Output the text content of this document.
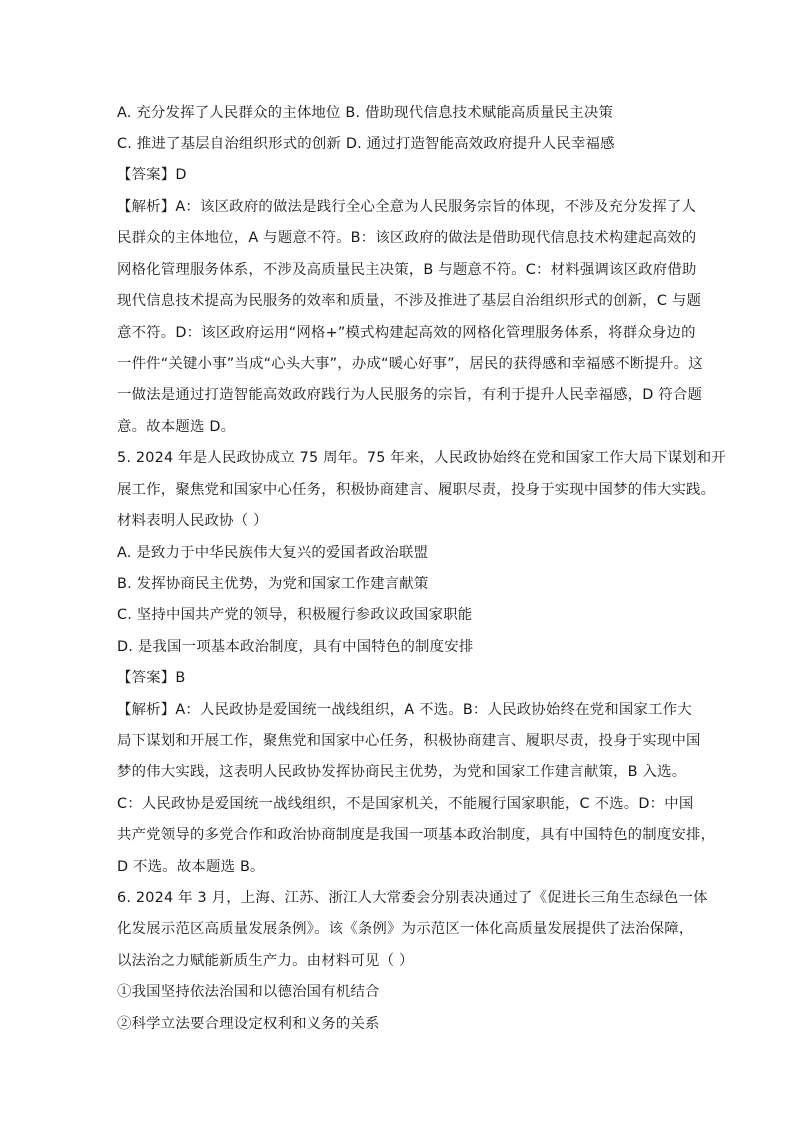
A. 充分发挥了人民群众的主体地位 B. 借助现代信息技术赋能高质量民主决策
C. 推进了基层自治组织形式的创新 D. 通过打造智能高效政府提升人民幸福感
【答案】D
【解析】A：该区政府的做法是践行全心全意为人民服务宗旨的体现，不涉及充分发挥了人
民群众的主体地位，A 与题意不符。B：该区政府的做法是借助现代信息技术构建起高效的
网格化管理服务体系，不涉及高质量民主决策，B 与题意不符。C：材料强调该区政府借助
现代信息技术提高为民服务的效率和质量，不涉及推进了基层自治组织形式的创新，C 与题
意不符。D：该区政府运用“网格+”模式构建起高效的网格化管理服务体系，将群众身边的
一件件“关键小事”当成“心头大事”，办成“暖心好事”，居民的获得感和幸福感不断提升。这
一做法是通过打造智能高效政府践行为人民服务的宗旨，有利于提升人民幸福感，D 符合题
意。故本题选 D。
5. 2024 年是人民政协成立 75 周年。75 年来，人民政协始终在党和国家工作大局下谋划和开
展工作，聚焦党和国家中心任务，积极协商建言、履职尽责，投身于实现中国梦的伟大实践。
材料表明人民政协（ ）
A. 是致力于中华民族伟大复兴的爱国者政治联盟
B. 发挥协商民主优势，为党和国家工作建言献策
C. 坚持中国共产党的领导，积极履行参政议政国家职能
D. 是我国一项基本政治制度，具有中国特色的制度安排
【答案】B
【解析】A：人民政协是爱国统一战线组织，A 不选。B：人民政协始终在党和国家工作大
局下谋划和开展工作，聚焦党和国家中心任务，积极协商建言、履职尽责，投身于实现中国
梦的伟大实践，这表明人民政协发挥协商民主优势，为党和国家工作建言献策，B 入选。
C：人民政协是爱国统一战线组织，不是国家机关，不能履行国家职能，C 不选。D：中国
共产党领导的多党合作和政治协商制度是我国一项基本政治制度，具有中国特色的制度安排，
D 不选。故本题选 B。
6. 2024 年 3 月，上海、江苏、浙江人大常委会分别表决通过了《促进长三角生态绿色一体
化发展示范区高质量发展条例》。该《条例》为示范区一体化高质量发展提供了法治保障，
以法治之力赋能新质生产力。由材料可见（ ）
①我国坚持依法治国和以德治国有机结合
②科学立法要合理设定权利和义务的关系
